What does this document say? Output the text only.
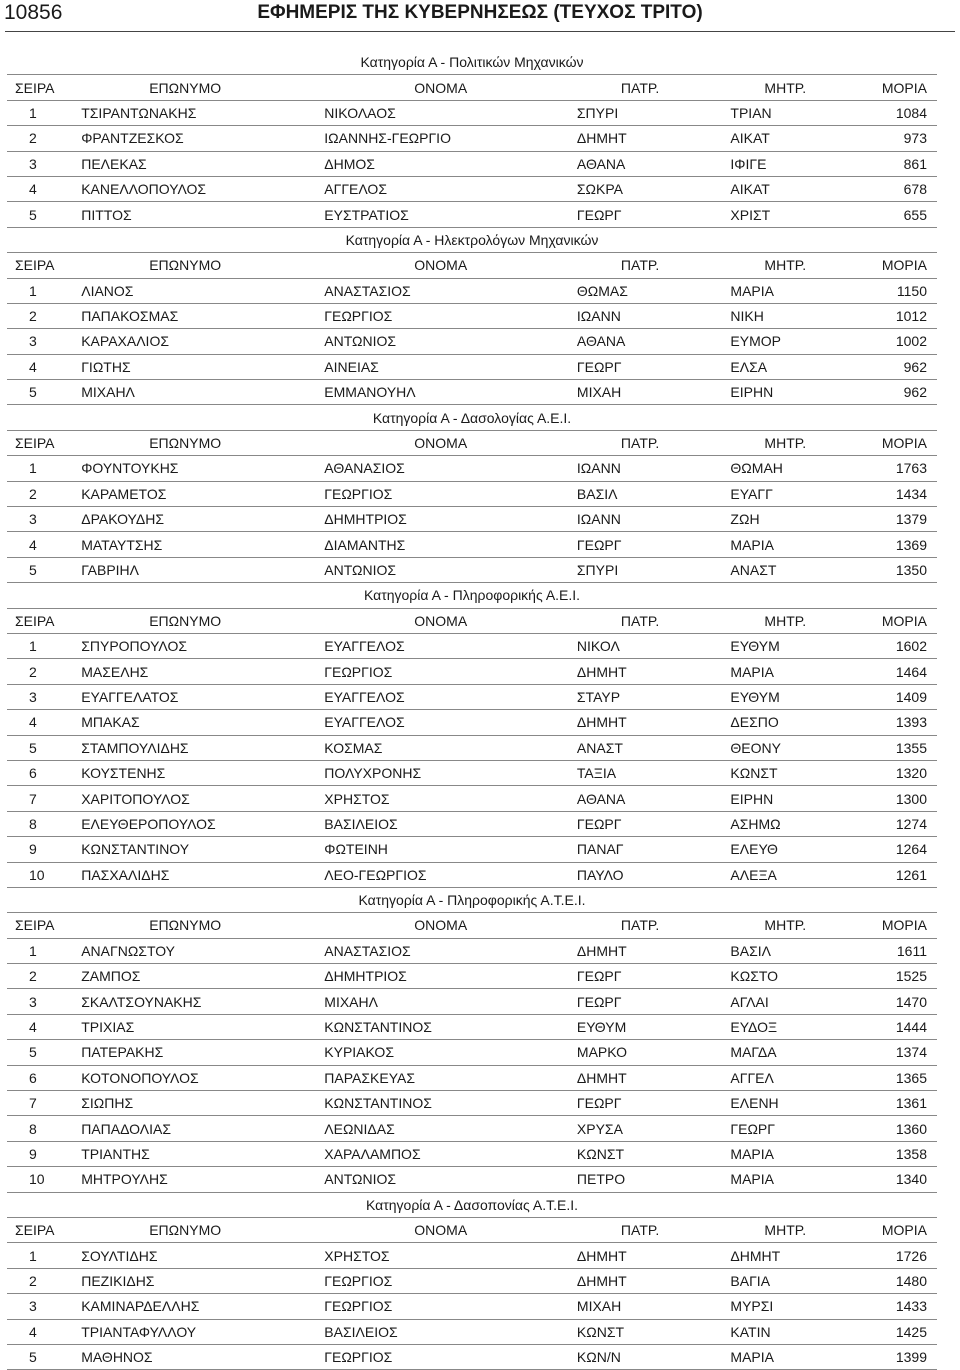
10856	ΕΦΗΜΕΡΙΣ ΤΗΣ ΚΥΒΕΡΝΗΣΕΩΣ (ΤΕΥΧΟΣ ΤΡΙΤΟ)
Κατηγορία Α - Πολιτικών Μηχανικών					
ΣΕΙΡΑ	ΕΠΩΝΥΜΟ	ΟΝΟΜΑ	ΠΑΤΡ.	ΜΗΤΡ.	ΜΟΡΙΑ
1	ΤΣΙΡΑΝΤΩΝΑΚΗΣ	ΝΙΚΟΛΑΟΣ	ΣΠΥΡΙ	ΤΡΙΑΝ	1084
2	ΦΡΑΝΤΖΕΣΚΟΣ	ΙΩΑΝΝΗΣ-ΓΕΩΡΓΙΟ	ΔΗΜΗΤ	ΑΙΚΑΤ	973
3	ΠΕΛΕΚΑΣ	ΔΗΜΟΣ	ΑΘΑΝΑ	ΙΦΙΓΕ	861
4	ΚΑΝΕΛΛΟΠΟΥΛΟΣ	ΑΓΓΕΛΟΣ	ΣΩΚΡΑ	ΑΙΚΑΤ	678
5	ΠΙΤΤΟΣ	ΕΥΣΤΡΑΤΙΟΣ	ΓΕΩΡΓ	ΧΡΙΣΤ	655
Κατηγορία Α - Ηλεκτρολόγων Μηχανικών					
ΣΕΙΡΑ	ΕΠΩΝΥΜΟ	ΟΝΟΜΑ	ΠΑΤΡ.	ΜΗΤΡ.	ΜΟΡΙΑ
1	ΛΙΑΝΟΣ	ΑΝΑΣΤΑΣΙΟΣ	ΘΩΜΑΣ	ΜΑΡΙΑ	1150
2	ΠΑΠΑΚΟΣΜΑΣ	ΓΕΩΡΓΙΟΣ	ΙΩΑΝΝ	ΝΙΚΗ	1012
3	ΚΑΡΑΧΑΛΙΟΣ	ΑΝΤΩΝΙΟΣ	ΑΘΑΝΑ	ΕΥΜΟΡ	1002
4	ΓΙΩΤΗΣ	ΑΙΝΕΙΑΣ	ΓΕΩΡΓ	ΕΛΣΑ	962
5	ΜΙΧΑΗΛ	ΕΜΜΑΝΟΥΗΛ	ΜΙΧΑΗ	ΕΙΡΗΝ	962
Κατηγορία Α - Δασολογίας Α.Ε.Ι.					
ΣΕΙΡΑ	ΕΠΩΝΥΜΟ	ΟΝΟΜΑ	ΠΑΤΡ.	ΜΗΤΡ.	ΜΟΡΙΑ
1	ΦΟΥΝΤΟΥΚΗΣ	ΑΘΑΝΑΣΙΟΣ	ΙΩΑΝΝ	ΘΩΜΑΗ	1763
2	ΚΑΡΑΜΕΤΟΣ	ΓΕΩΡΓΙΟΣ	ΒΑΣΙΛ	ΕΥΑΓΓ	1434
3	ΔΡΑΚΟΥΔΗΣ	ΔΗΜΗΤΡΙΟΣ	ΙΩΑΝΝ	ΖΩΗ	1379
4	ΜΑΤΑΥΤΣΗΣ	ΔΙΑΜΑΝΤΗΣ	ΓΕΩΡΓ	ΜΑΡΙΑ	1369
5	ΓΑΒΡΙΗΛ	ΑΝΤΩΝΙΟΣ	ΣΠΥΡΙ	ΑΝΑΣΤ	1350
Κατηγορία Α - Πληροφορικής Α.Ε.Ι.					
ΣΕΙΡΑ	ΕΠΩΝΥΜΟ	ΟΝΟΜΑ	ΠΑΤΡ.	ΜΗΤΡ.	ΜΟΡΙΑ
1	ΣΠΥΡΟΠΟΥΛΟΣ	ΕΥΑΓΓΕΛΟΣ	ΝΙΚΟΛ	ΕΥΘΥΜ	1602
2	ΜΑΣΕΛΗΣ	ΓΕΩΡΓΙΟΣ	ΔΗΜΗΤ	ΜΑΡΙΑ	1464
3	ΕΥΑΓΓΕΛΑΤΟΣ	ΕΥΑΓΓΕΛΟΣ	ΣΤΑΥΡ	ΕΥΘΥΜ	1409
4	ΜΠΑΚΑΣ	ΕΥΑΓΓΕΛΟΣ	ΔΗΜΗΤ	ΔΕΣΠΟ	1393
5	ΣΤΑΜΠΟΥΛΙΔΗΣ	ΚΟΣΜΑΣ	ΑΝΑΣΤ	ΘΕΟΝΥ	1355
6	ΚΟΥΣΤΕΝΗΣ	ΠΟΛΥΧΡΟΝΗΣ	ΤΑΞΙΑ	ΚΩΝΣΤ	1320
7	ΧΑΡΙΤΟΠΟΥΛΟΣ	ΧΡΗΣΤΟΣ	ΑΘΑΝΑ	ΕΙΡΗΝ	1300
8	ΕΛΕΥΘΕΡΟΠΟΥΛΟΣ	ΒΑΣΙΛΕΙΟΣ	ΓΕΩΡΓ	ΑΣΗΜΩ	1274
9	ΚΩΝΣΤΑΝΤΙΝΟΥ	ΦΩΤΕΙΝΗ	ΠΑΝΑΓ	ΕΛΕΥΘ	1264
10	ΠΑΣΧΑΛΙΔΗΣ	ΛΕΟ-ΓΕΩΡΓΙΟΣ	ΠΑΥΛΟ	ΑΛΕΞΑ	1261
Κατηγορία Α - Πληροφορικής Α.Τ.Ε.Ι.					
ΣΕΙΡΑ	ΕΠΩΝΥΜΟ	ΟΝΟΜΑ	ΠΑΤΡ.	ΜΗΤΡ.	ΜΟΡΙΑ
1	ΑΝΑΓΝΩΣΤΟΥ	ΑΝΑΣΤΑΣΙΟΣ	ΔΗΜΗΤ	ΒΑΣΙΛ	1611
2	ΖΑΜΠΟΣ	ΔΗΜΗΤΡΙΟΣ	ΓΕΩΡΓ	ΚΩΣΤΟ	1525
3	ΣΚΑΛΤΣΟΥΝΑΚΗΣ	ΜΙΧΑΗΛ	ΓΕΩΡΓ	ΑΓΛΑΙ	1470
4	ΤΡΙΧΙΑΣ	ΚΩΝΣΤΑΝΤΙΝΟΣ	ΕΥΘΥΜ	ΕΥΔΟΞ	1444
5	ΠΑΤΕΡΑΚΗΣ	ΚΥΡΙΑΚΟΣ	ΜΑΡΚΟ	ΜΑΓΔΑ	1374
6	ΚΟΤΟΝΟΠΟΥΛΟΣ	ΠΑΡΑΣΚΕΥΑΣ	ΔΗΜΗΤ	ΑΓΓΕΛ	1365
7	ΣΙΩΠΗΣ	ΚΩΝΣΤΑΝΤΙΝΟΣ	ΓΕΩΡΓ	ΕΛΕΝΗ	1361
8	ΠΑΠΑΔΟΛΙΑΣ	ΛΕΩΝΙΔΑΣ	ΧΡΥΣΑ	ΓΕΩΡΓ	1360
9	ΤΡΙΑΝΤΗΣ	ΧΑΡΑΛΑΜΠΟΣ	ΚΩΝΣΤ	ΜΑΡΙΑ	1358
10	ΜΗΤΡΟΥΛΗΣ	ΑΝΤΩΝΙΟΣ	ΠΕΤΡΟ	ΜΑΡΙΑ	1340
Κατηγορία Α - Δασοπονίας Α.Τ.Ε.Ι.					
ΣΕΙΡΑ	ΕΠΩΝΥΜΟ	ΟΝΟΜΑ	ΠΑΤΡ.	ΜΗΤΡ.	ΜΟΡΙΑ
1	ΣΟΥΛΤΙΔΗΣ	ΧΡΗΣΤΟΣ	ΔΗΜΗΤ	ΔΗΜΗΤ	1726
2	ΠΕΖΙΚΙΔΗΣ	ΓΕΩΡΓΙΟΣ	ΔΗΜΗΤ	ΒΑΓΙΑ	1480
3	ΚΑΜΙΝΑΡΔΕΛΛΗΣ	ΓΕΩΡΓΙΟΣ	ΜΙΧΑΗ	ΜΥΡΣΙ	1433
4	ΤΡΙΑΝΤΑΦΥΛΛΟΥ	ΒΑΣΙΛΕΙΟΣ	ΚΩΝΣΤ	ΚΑΤΙΝ	1425
5	ΜΑΘΗΝΟΣ	ΓΕΩΡΓΙΟΣ	ΚΩΝ/Ν	ΜΑΡΙΑ	1399
